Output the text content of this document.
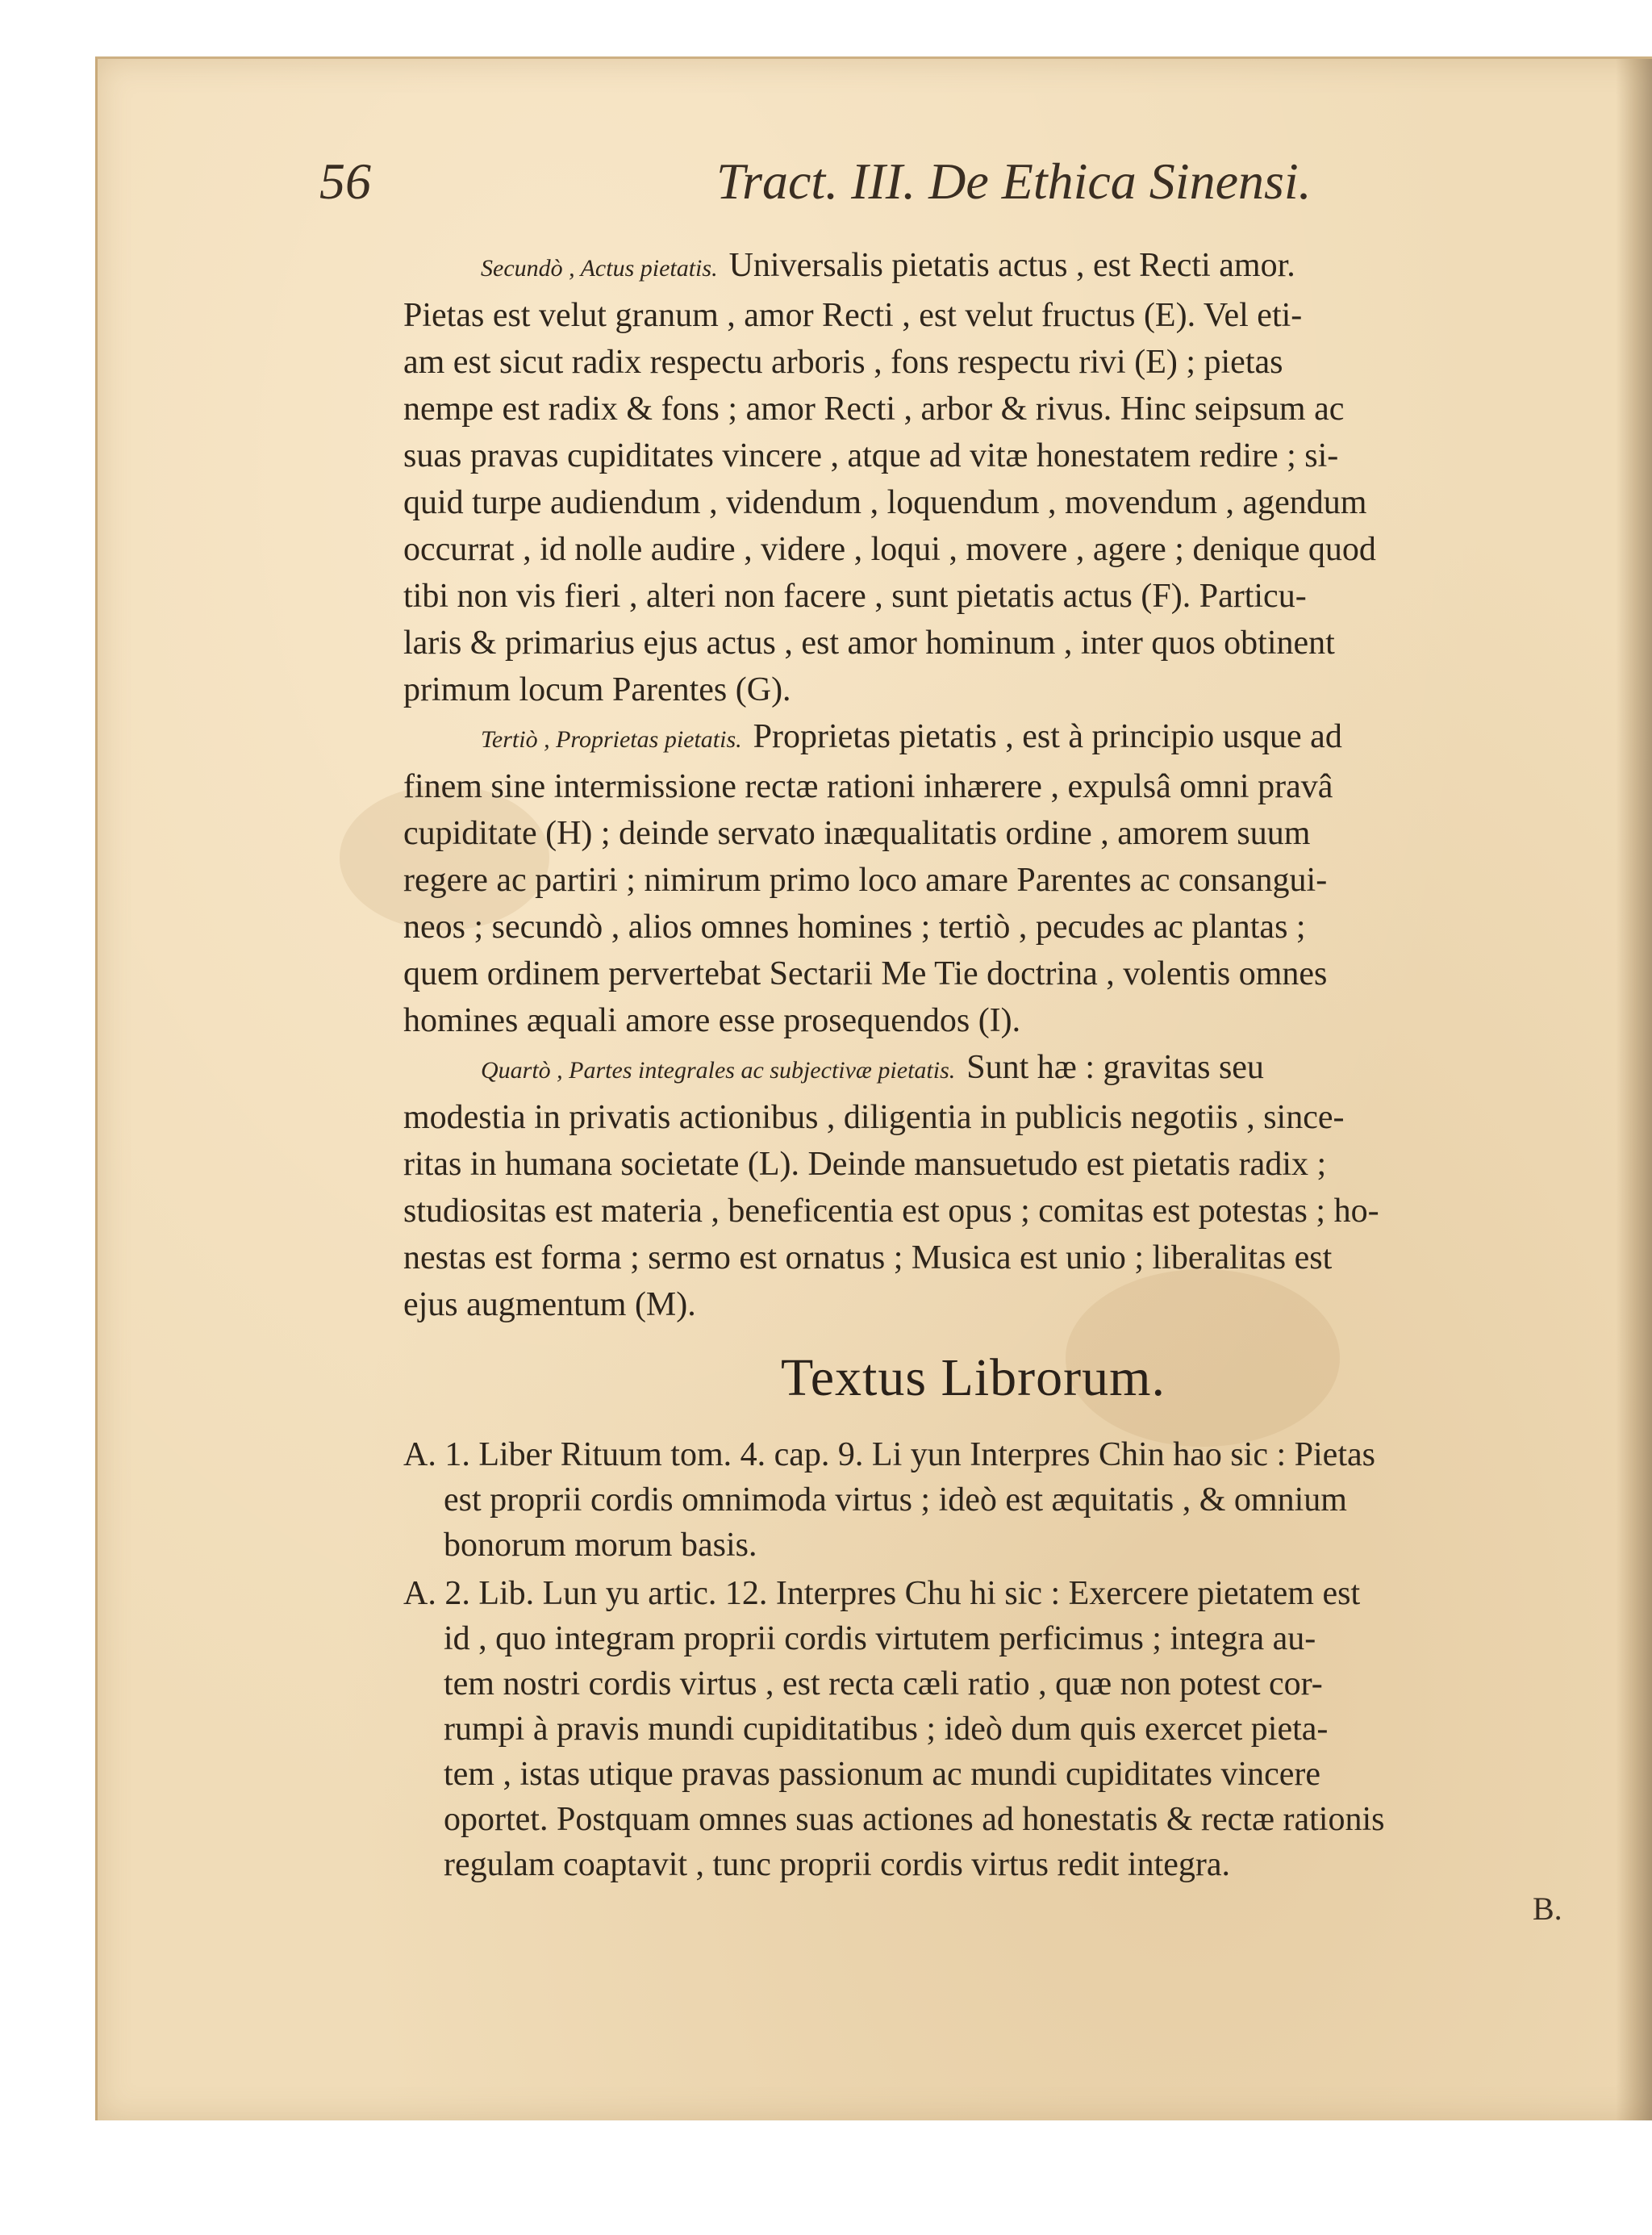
56	Tract. III. De Ethica Sinensi.
Secundò , Actus pietatis. Universalis pietatis actus , est Recti amor.
Pietas est velut granum , amor Recti , est velut fructus (E). Vel eti-
am est sicut radix respectu arboris , fons respectu rivi (E) ; pietas
nempe est radix & fons ; amor Recti , arbor & rivus. Hinc seipsum ac
suas pravas cupiditates vincere , atque ad vitæ honestatem redire ; si-
quid turpe audiendum , videndum , loquendum , movendum , agendum
occurrat , id nolle audire , videre , loqui , movere , agere ; denique quod
tibi non vis fieri , alteri non facere , sunt pietatis actus (F). Particu-
laris & primarius ejus actus , est amor hominum , inter quos obtinent
primum locum Parentes (G).
Tertiò , Proprietas pietatis. Proprietas pietatis , est à principio usque ad
finem sine intermissione rectæ rationi inhærere , expulsâ omni pravâ
cupiditate (H) ; deinde servato inæqualitatis ordine , amorem suum
regere ac partiri ; nimirum primo loco amare Parentes ac consangui-
neos ; secundò , alios omnes homines ; tertiò , pecudes ac plantas ;
quem ordinem pervertebat Sectarii Me Tie doctrina , volentis omnes
homines æquali amore esse prosequendos (I).
Quartò , Partes integrales ac subjectivæ pietatis. Sunt hæ : gravitas seu
modestia in privatis actionibus , diligentia in publicis negotiis , since-
ritas in humana societate (L). Deinde mansuetudo est pietatis radix ;
studiositas est materia , beneficentia est opus ; comitas est potestas ; ho-
nestas est forma ; sermo est ornatus ; Musica est unio ; liberalitas est
ejus augmentum (M).
Textus Librorum.
A. 1. Liber Rituum tom. 4. cap. 9. Li yun Interpres Chin hao sic : Pietas
est proprii cordis omnimoda virtus ; ideò est æquitatis , & omnium
bonorum morum basis.
A. 2. Lib. Lun yu artic. 12. Interpres Chu hi sic : Exercere pietatem est
id , quo integram proprii cordis virtutem perficimus ; integra au-
tem nostri cordis virtus , est recta cæli ratio , quæ non potest cor-
rumpi à pravis mundi cupiditatibus ; ideò dum quis exercet pieta-
tem , istas utique pravas passionum ac mundi cupiditates vincere
oportet. Postquam omnes suas actiones ad honestatis & rectæ rationis
regulam coaptavit , tunc proprii cordis virtus redit integra.
B.
